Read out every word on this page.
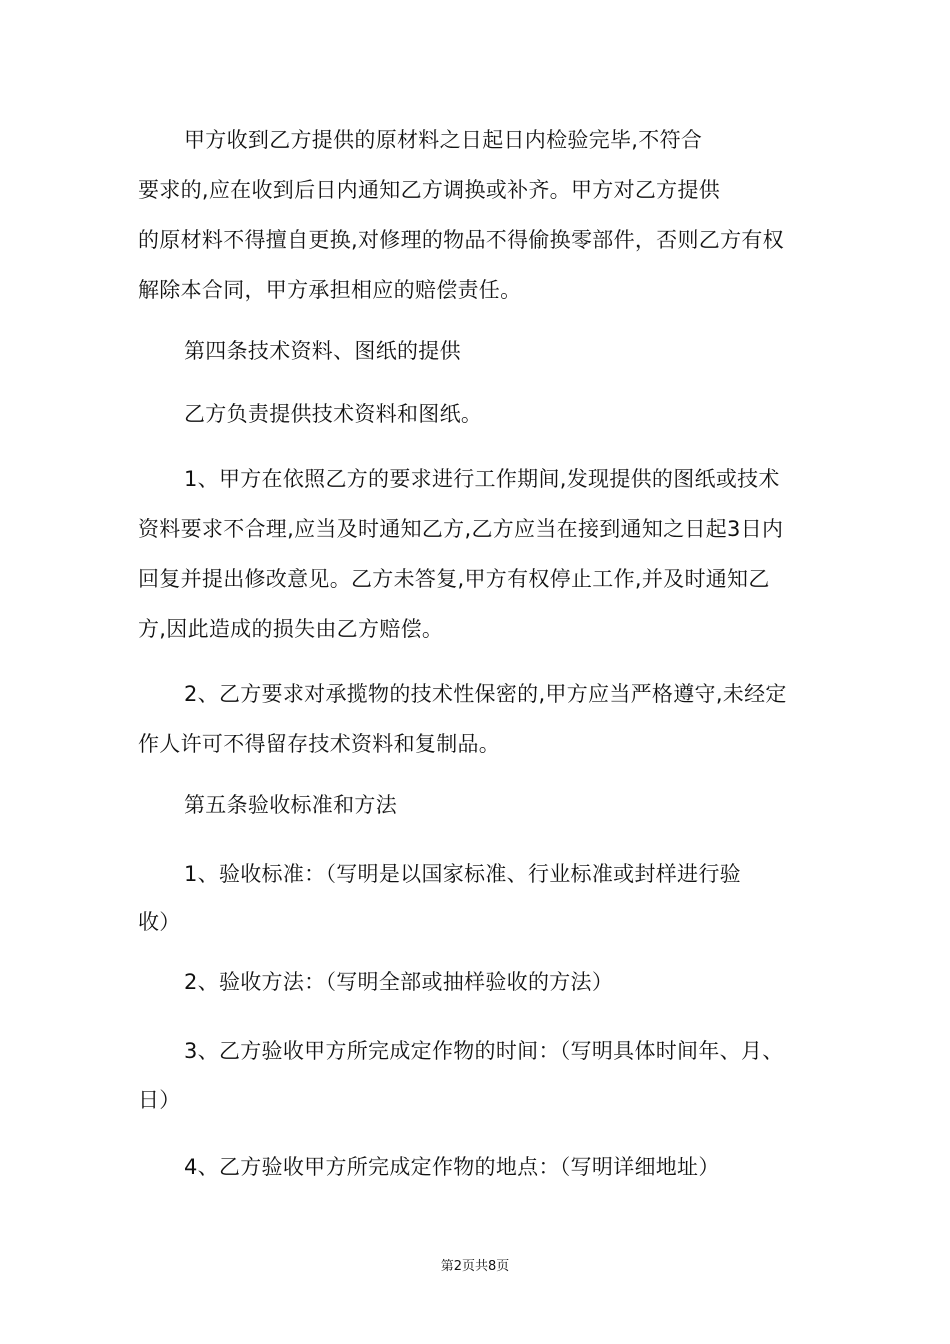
甲方收到乙方提供的原材料之日起日内检验完毕,不符合
要求的,应在收到后日内通知乙方调换或补齐。甲方对乙方提供
的原材料不得擅自更换,对修理的物品不得偷换零部件，否则乙方有权
解除本合同，甲方承担相应的赔偿责任。
第四条技术资料、图纸的提供
乙方负责提供技术资料和图纸。
1、甲方在依照乙方的要求进行工作期间,发现提供的图纸或技术
资料要求不合理,应当及时通知乙方,乙方应当在接到通知之日起3日内
回复并提出修改意见。乙方未答复,甲方有权停止工作,并及时通知乙
方,因此造成的损失由乙方赔偿。
2、乙方要求对承揽物的技术性保密的,甲方应当严格遵守,未经定
作人许可不得留存技术资料和复制品。
第五条验收标准和方法
1、验收标准：（写明是以国家标准、行业标准或封样进行验
收）
2、验收方法：（写明全部或抽样验收的方法）
3、乙方验收甲方所完成定作物的时间：（写明具体时间年、月、
日）
4、乙方验收甲方所完成定作物的地点：（写明详细地址）
第2页共8页
